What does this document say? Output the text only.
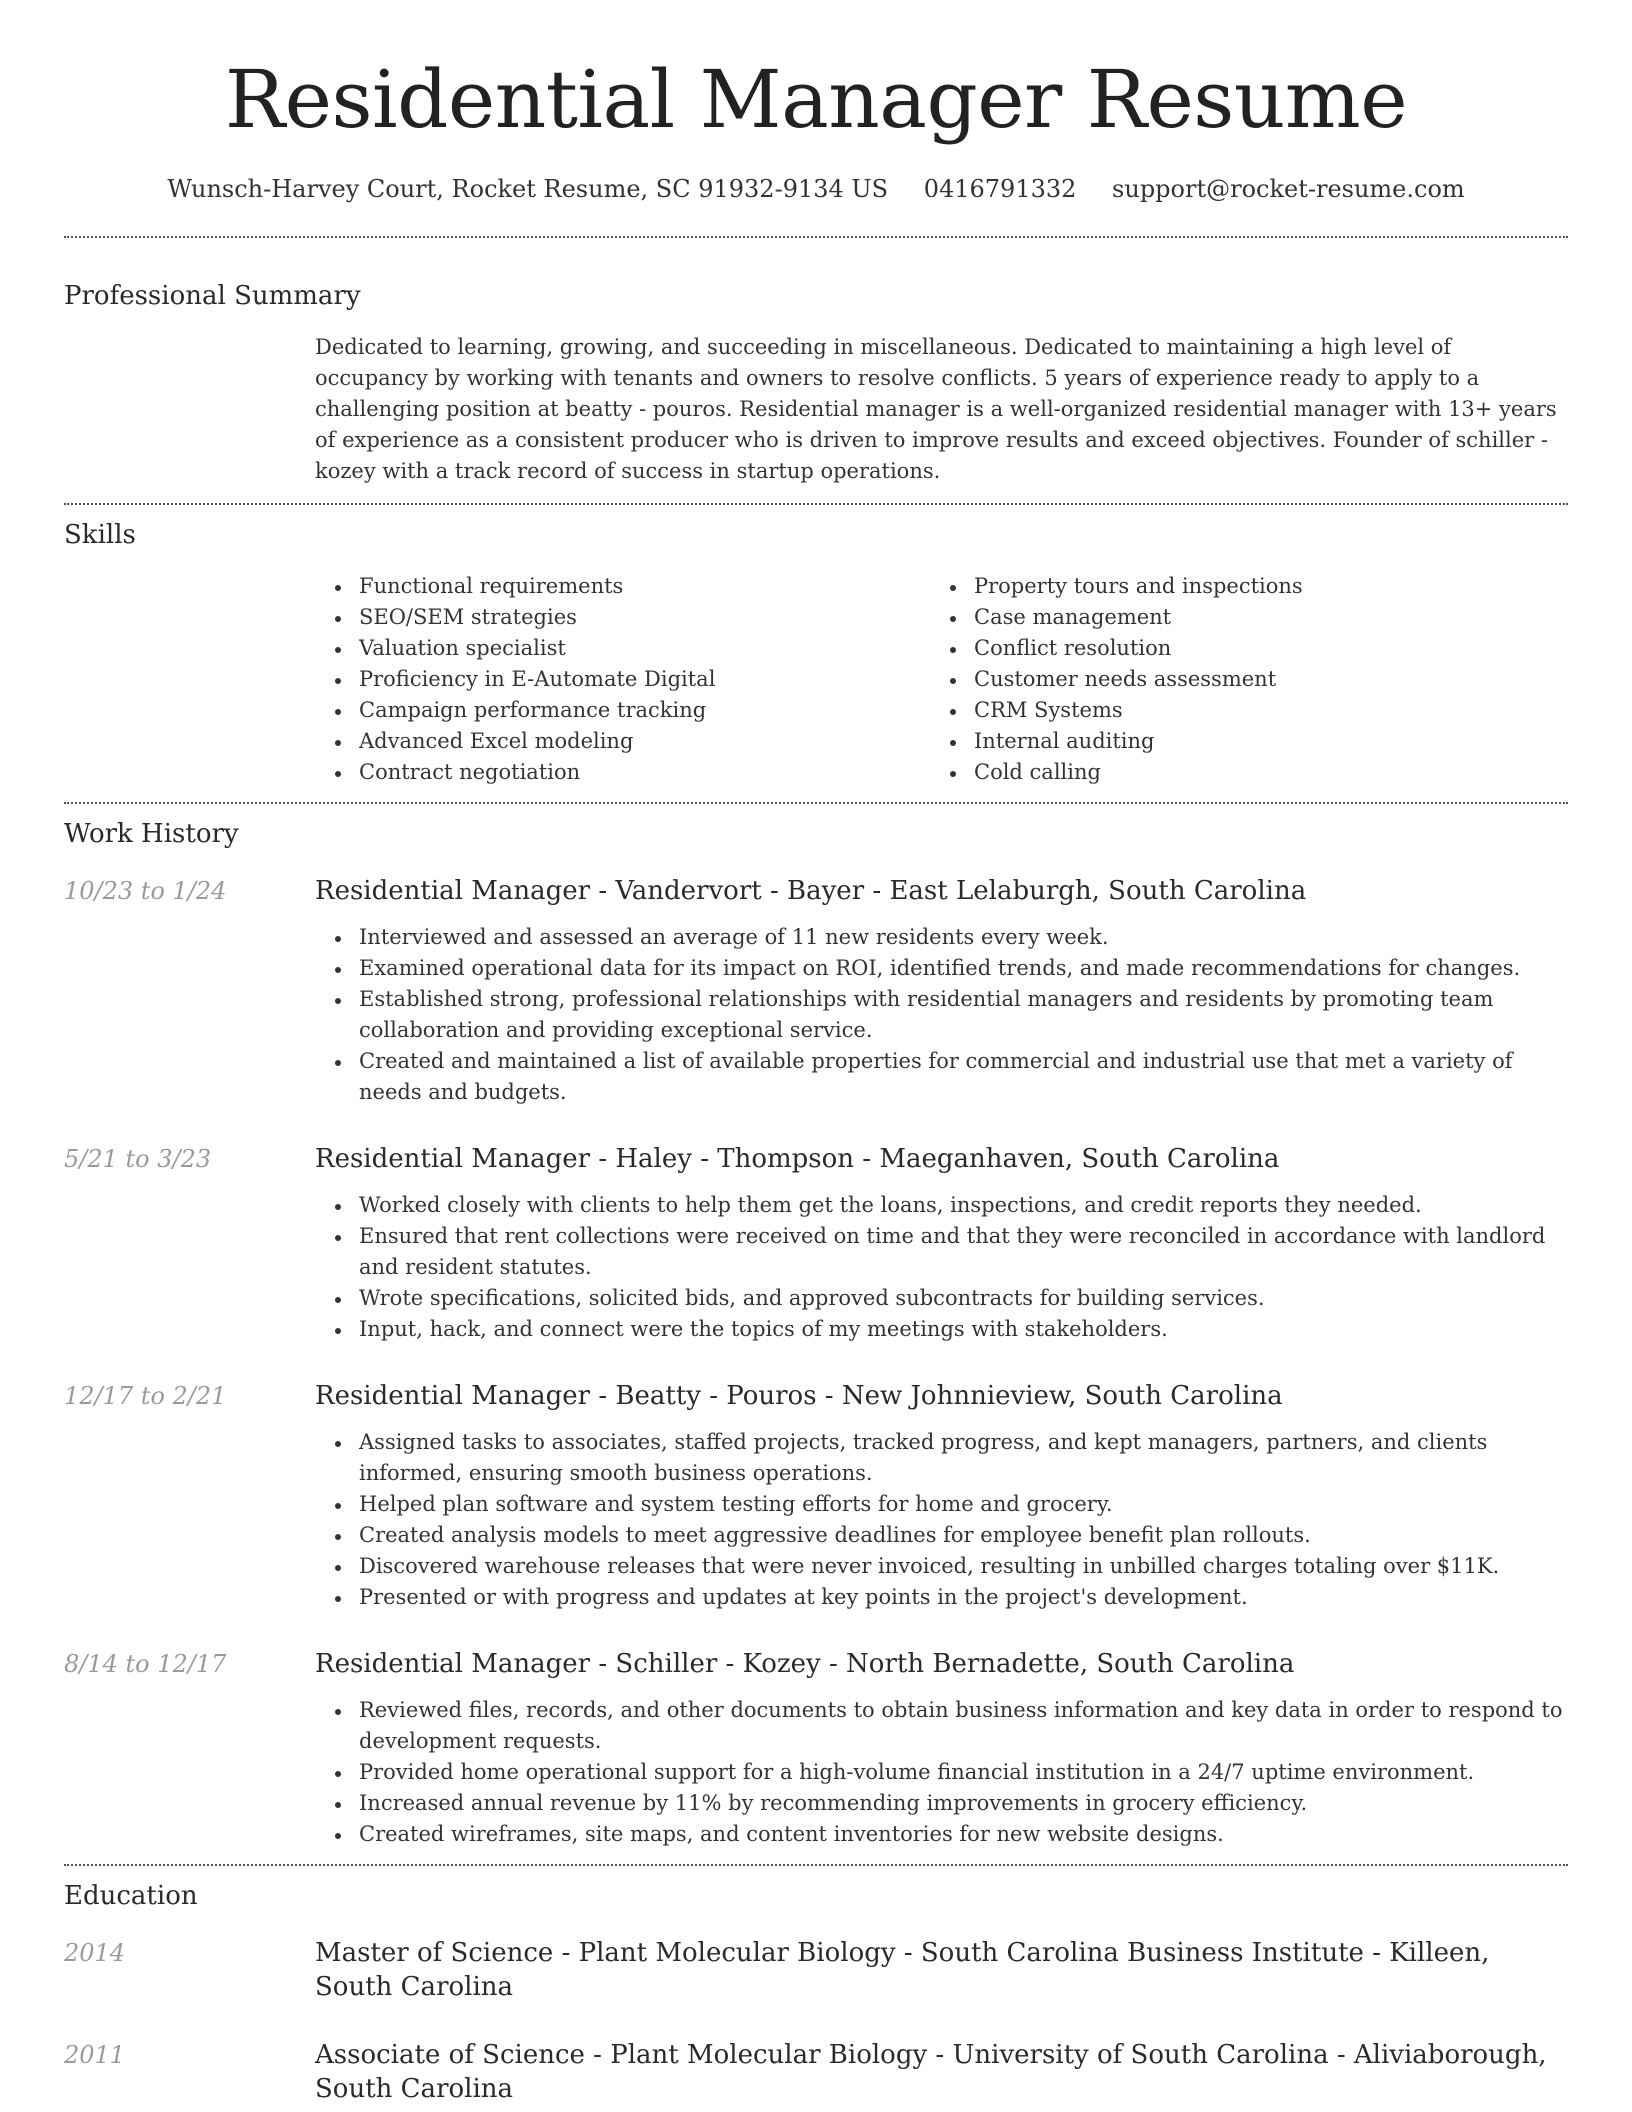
Residential Manager Resume
Wunsch-Harvey Court, Rocket Resume, SC 91932-9134 US 0416791332 support@rocket-resume.com
Professional Summary

Dedicated to learning, growing, and succeeding in miscellaneous. Dedicated to maintaining a high level of occupancy by working with tenants and owners to resolve conflicts. 5 years of experience ready to apply to a challenging position at beatty - pouros. Residential manager is a well-organized residential manager with 13+ years of experience as a consistent producer who is driven to improve results and exceed objectives. Founder of schiller - kozey with a track record of success in startup operations.

Skills
Functional requirements
SEO/SEM strategies
Valuation specialist
Proficiency in E-Automate Digital
Campaign performance tracking
Advanced Excel modeling
Contract negotiation
Property tours and inspections
Case management
Conflict resolution
Customer needs assessment
CRM Systems
Internal auditing
Cold calling
Work History
10/23 to 1/24	Residential Manager - Vandervort - Bayer - East Lelaburgh, South Carolina
Interviewed and assessed an average of 11 new residents every week.
Examined operational data for its impact on ROI, identified trends, and made recommendations for changes.
Established strong, professional relationships with residential managers and residents by promoting team collaboration and providing exceptional service.
Created and maintained a list of available properties for commercial and industrial use that met a variety of needs and budgets.
5/21 to 3/23	Residential Manager - Haley - Thompson - Maeganhaven, South Carolina
Worked closely with clients to help them get the loans, inspections, and credit reports they needed.
Ensured that rent collections were received on time and that they were reconciled in accordance with landlord and resident statutes.
Wrote specifications, solicited bids, and approved subcontracts for building services.
Input, hack, and connect were the topics of my meetings with stakeholders.
12/17 to 2/21	Residential Manager - Beatty - Pouros - New Johnnieview, South Carolina
Assigned tasks to associates, staffed projects, tracked progress, and kept managers, partners, and clients informed, ensuring smooth business operations.
Helped plan software and system testing efforts for home and grocery.
Created analysis models to meet aggressive deadlines for employee benefit plan rollouts.
Discovered warehouse releases that were never invoiced, resulting in unbilled charges totaling over $11K.
Presented or with progress and updates at key points in the project's development.
8/14 to 12/17	Residential Manager - Schiller - Kozey - North Bernadette, South Carolina
Reviewed files, records, and other documents to obtain business information and key data in order to respond to development requests.
Provided home operational support for a high-volume financial institution in a 24/7 uptime environment.
Increased annual revenue by 11% by recommending improvements in grocery efficiency.
Created wireframes, site maps, and content inventories for new website designs.
Education
2014	Master of Science - Plant Molecular Biology - South Carolina Business Institute - Killeen, South Carolina
2011	Associate of Science - Plant Molecular Biology - University of South Carolina - Aliviaborough, South Carolina
